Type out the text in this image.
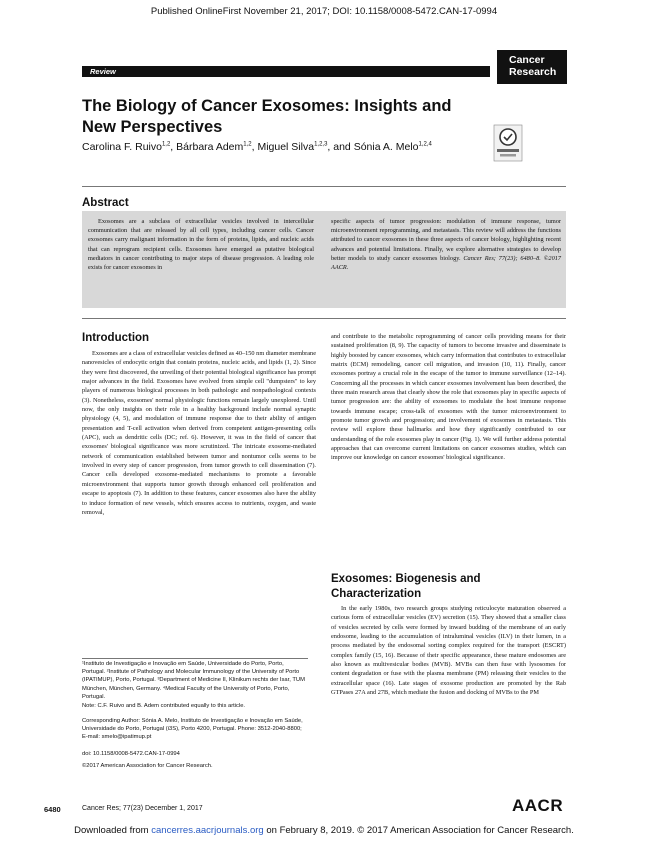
Published OnlineFirst November 21, 2017; DOI: 10.1158/0008-5472.CAN-17-0994
Review
Cancer
Research
The Biology of Cancer Exosomes: Insights and New Perspectives
Carolina F. Ruivo$^{1,2}$, Bárbara Adem$^{1,2}$, Miguel Silva$^{1,2,3}$, and Sónia A. Melo$^{1,2,4}$
Abstract
Exosomes are a subclass of extracellular vesicles involved in intercellular communication that are released by all cell types, including cancer cells. Cancer exosomes carry malignant information in the form of proteins, lipids, and nucleic acids that can reprogram recipient cells. Exosomes have emerged as putative biological mediators in cancer contributing to major steps of disease progression. A leading role exists for cancer exosomes in
specific aspects of tumor progression: modulation of immune response, tumor microenvironment reprogramming, and metastasis. This review will address the functions attributed to cancer exosomes in these three aspects of cancer biology, highlighting recent advances and potential limitations. Finally, we explore alternative strategies to develop better models to study cancer exosomes biology. Cancer Res; 77(23); 6480–8. ©2017 AACR.
Introduction
Exosomes are a class of extracellular vesicles defined as 40–150 nm diameter membrane nanovesicles of endocytic origin that contain proteins, nucleic acids, and lipids (1, 2). Since they were first discovered, the unveiling of their potential biological significance has prompt major advances in the field. Exosomes have evolved from simple cell "dumpsters" to key players of numerous biological processes in both pathologic and nonpathological contexts (3). Nonetheless, exosomes' normal physiologic functions remain largely unexplored. Until now, the only insights on their role in a healthy background include normal synaptic physiology (4, 5), and modulation of immune response due to their ability of antigen presentation and T-cell activation when derived from competent antigen-presenting cells (APC), such as dendritic cells (DC; ref. 6). However, it was in the field of cancer that exosomes' biological significance was more scrutinized. The intricate exosome-mediated network of communication established between tumor and nontumor cells seems to be involved in every step of cancer progression, from tumor growth to cell dissemination (7). Cancer cells developed exosome-mediated mechanisms to promote a favorable microenvironment that supports tumor growth through enhanced cell proliferation and escape to apoptosis (7). In addition to these features, cancer exosomes also have the ability to induce formation of new vessels, which ensures access to nutrients, oxygen, and waste removal,
¹Instituto de Investigação e Inovação em Saúde, Universidade do Porto, Porto, Portugal. ²Institute of Pathology and Molecular Immunology of the University of Porto (IPATIMUP), Porto, Portugal. ³Department of Medicine II, Klinikum rechts der Isar, TUM München, München, Germany. ⁴Medical Faculty of the University of Porto, Porto, Portugal.
Note: C.F. Ruivo and B. Adem contributed equally to this article.
Corresponding Author: Sónia A. Melo, Instituto de Investigação e Inovação em Saúde, Universidade do Porto, Portugal (i3S), Porto 4200, Portugal. Phone: 3512-2040-8800; E-mail: smelo@ipatimup.pt
doi: 10.1158/0008-5472.CAN-17-0994
©2017 American Association for Cancer Research.
and contribute to the metabolic reprogramming of cancer cells providing means for their sustained proliferation (8, 9). The capacity of tumors to become invasive and disseminate is highly boosted by cancer exosomes, which carry information that contributes to extracellular matrix (ECM) remodeling, cancer cell migration, and invasion (10, 11). Finally, cancer exosomes portray a crucial role in the escape of the tumor to immune surveillance (12–14). Concerning all the processes in which cancer exosomes involvement has been described, the three main research areas that clearly show the role that exosomes play in specific aspects of tumor progression are: the ability of exosomes to modulate the host immune response towards immune escape; cross-talk of exosomes with the tumor microenvironment to promote tumor growth and progression; and involvement of exosomes in metastasis. This review will explore these hallmarks and how they significantly contributed to our understanding of the role exosomes play in cancer (Fig. 1). We will further address potential approaches that can overcome current limitations on cancer exosomes studies, which can improve our knowledge on cancer exosomes' biological significance.
Exosomes: Biogenesis and Characterization
In the early 1980s, two research groups studying reticulocyte maturation observed a curious form of extracellular vesicles (EV) secretion (15). They showed that a smaller class of vesicles secreted by cells were formed by inward budding of the membrane of an early endosome, leading to the accumulation of intraluminal vesicles (ILV) in their lumen, in a process mediated by the endosomal sorting complex required for the transport (ESCRT) complex family (15, 16). Because of their specific appearance, these mature endosomes are also known as multivesicular bodies (MVB). MVBs can then fuse with lysosomes for content degradation or fuse with the plasma membrane (PM) releasing their vesicles to the extracellular space (16). Late stages of exosome production are promoted by the Rab GTPases 27A and 27B, which mediate the fusion and docking of MVBs to the PM
6480	Cancer Res; 77(23) December 1, 2017	AACR
Downloaded from cancerres.aacrjournals.org on February 8, 2019. © 2017 American Association for Cancer Research.
